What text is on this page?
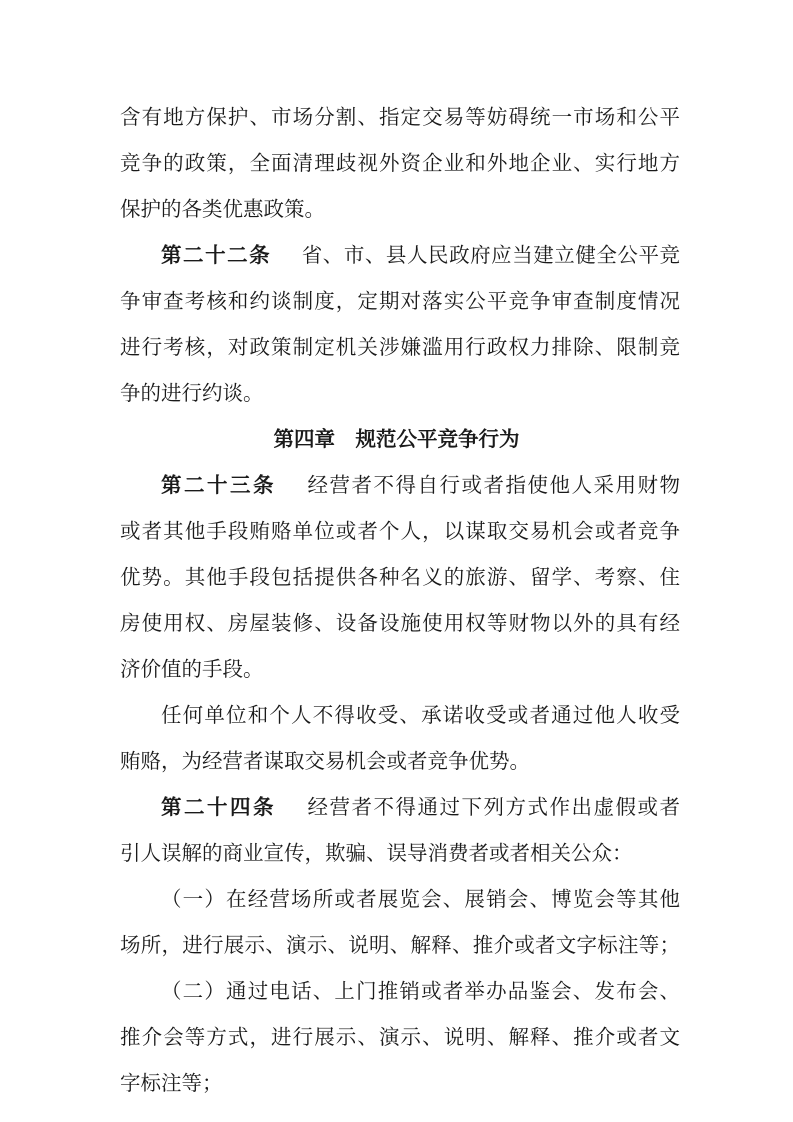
含有地方保护、市场分割、指定交易等妨碍统一市场和公平
竞争的政策，全面清理歧视外资企业和外地企业、实行地方
保护的各类优惠政策。
第二十二条 省、市、县人民政府应当建立健全公平竞
争审查考核和约谈制度，定期对落实公平竞争审查制度情况
进行考核，对政策制定机关涉嫌滥用行政权力排除、限制竞
争的进行约谈。
第四章　规范公平竞争行为
第二十三条 经营者不得自行或者指使他人采用财物
或者其他手段贿赂单位或者个人，以谋取交易机会或者竞争
优势。其他手段包括提供各种名义的旅游、留学、考察、住
房使用权、房屋装修、设备设施使用权等财物以外的具有经
济价值的手段。
任何单位和个人不得收受、承诺收受或者通过他人收受
贿赂，为经营者谋取交易机会或者竞争优势。
第二十四条 经营者不得通过下列方式作出虚假或者
引人误解的商业宣传，欺骗、误导消费者或者相关公众：
（一）在经营场所或者展览会、展销会、博览会等其他
场所，进行展示、演示、说明、解释、推介或者文字标注等；
（二）通过电话、上门推销或者举办品鉴会、发布会、
推介会等方式，进行展示、演示、说明、解释、推介或者文
字标注等；
